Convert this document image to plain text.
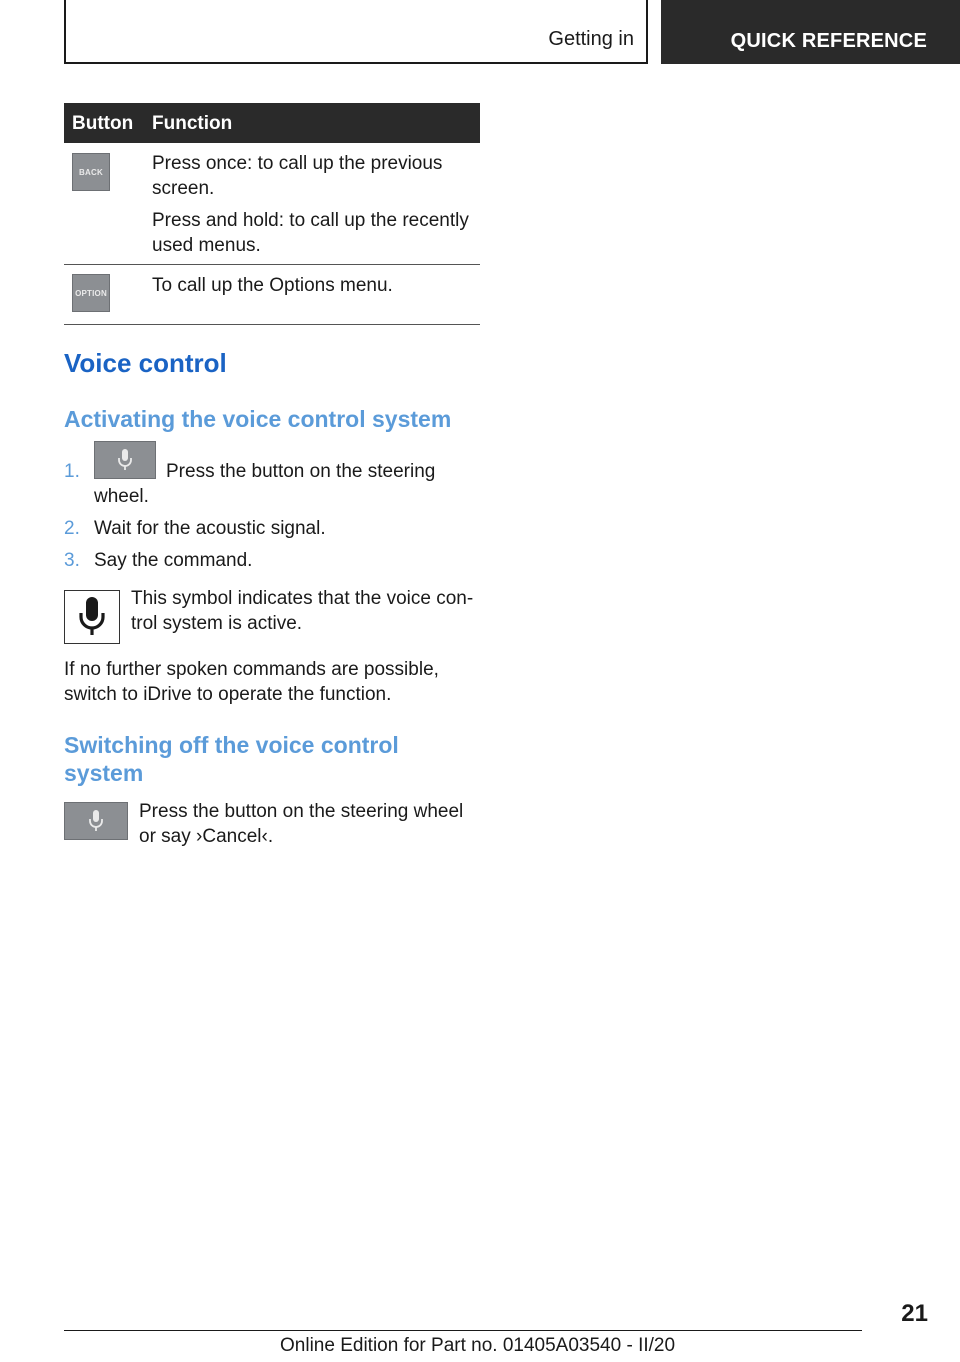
Getting in	QUICK REFERENCE
Button Function
BACK	Press once: to call up the previous screen.
Press and hold: to call up the recently used menus.
OPTION To call up the Options menu.
Voice control
Activating the voice control system
1.	Press the button on the steering
wheel.
2. Wait for the acoustic signal.
3. Say the command.
This symbol indicates that the voice con-
trol system is active.
If no further spoken commands are possible,
switch to iDrive to operate the function.
Switching off the voice control
system
Press the button on the steering wheel
or say ›Cancel‹.
21
Online Edition for Part no. 01405A03540 - II/20
